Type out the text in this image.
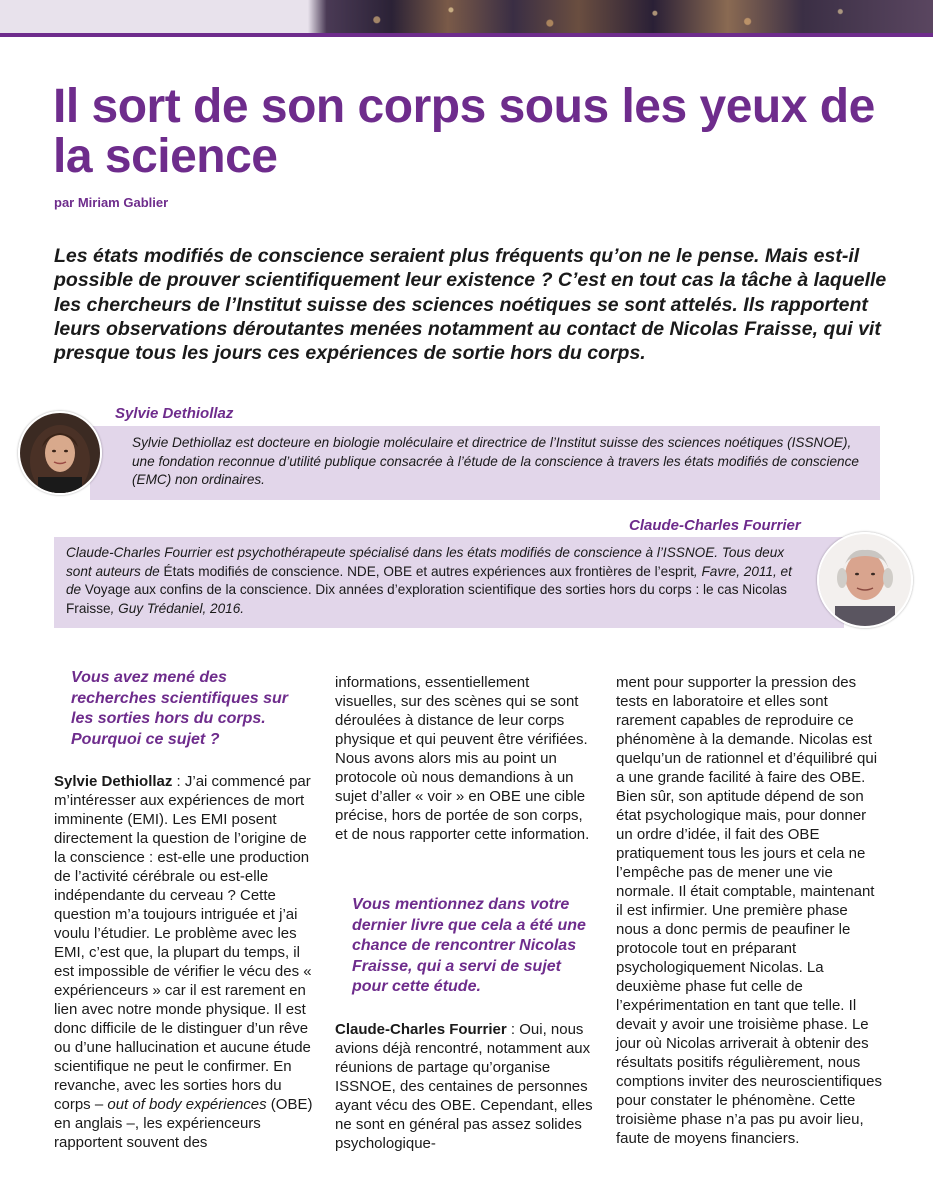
Il sort de son corps sous les yeux de la science
par Miriam Gablier

Les états modifiés de conscience seraient plus fréquents qu’on ne le pense. Mais est-il possible de prouver scientifiquement leur existence ? C’est en tout cas la tâche à laquelle les chercheurs de l’Institut suisse des sciences noétiques se sont attelés. Ils rapportent leurs observations déroutantes menées notamment au contact de Nicolas Fraisse, qui vit presque tous les jours ces expériences de sortie hors du corps.

Sylvie Dethiollaz
Sylvie Dethiollaz est docteure en biologie moléculaire et directrice de l’Institut suisse des sciences noétiques (ISSNOE), une fondation reconnue d’utilité publique consacrée à l’étude de la conscience à travers les états modifiés de conscience (EMC) non ordinaires.
Claude-Charles Fourrier
Claude-Charles Fourrier est psychothérapeute spécialisé dans les états modifiés de conscience à l’ISSNOE. Tous deux sont auteurs de États modifiés de conscience. NDE, OBE et autres expériences aux frontières de l’esprit, Favre, 2011, et de Voyage aux confins de la conscience. Dix années d’exploration scientifique des sorties hors du corps : le cas Nicolas Fraisse, Guy Trédaniel, 2016.

Vous avez mené des recherches scientifiques sur les sorties hors du corps. Pourquoi ce sujet ?

Sylvie Dethiollaz : J’ai commencé par m’intéresser aux expériences de mort imminente (EMI). Les EMI posent directement la question de l’origine de la conscience : est-elle une production de l’activité cérébrale ou est-elle indépendante du cerveau ? Cette question m’a toujours intriguée et j’ai voulu l’étudier. Le problème avec les EMI, c’est que, la plupart du temps, il est impossible de vérifier le vécu des « expérienceurs » car il est rarement en lien avec notre monde physique. Il est donc difficile de le distinguer d’un rêve ou d’une hallucination et aucune étude scientifique ne peut le confirmer. En revanche, avec les sorties hors du corps – out of body expériences (OBE) en anglais –, les expérienceurs rapportent souvent des

informations, essentiellement visuelles, sur des scènes qui se sont déroulées à distance de leur corps physique et qui peuvent être vérifiées. Nous avons alors mis au point un protocole où nous demandions à un sujet d’aller « voir » en OBE une cible précise, hors de portée de son corps, et de nous rapporter cette information.

Vous mentionnez dans votre dernier livre que cela a été une chance de rencontrer Nicolas Fraisse, qui a servi de sujet pour cette étude.

Claude-Charles Fourrier : Oui, nous avions déjà rencontré, notamment aux réunions de partage qu’organise ISSNOE, des centaines de personnes ayant vécu des OBE. Cependant, elles ne sont en général pas assez solides psychologique-

ment pour supporter la pression des tests en laboratoire et elles sont rarement capables de reproduire ce phénomène à la demande. Nicolas est quelqu’un de rationnel et d’équilibré qui a une grande facilité à faire des OBE. Bien sûr, son aptitude dépend de son état psychologique mais, pour donner un ordre d’idée, il fait des OBE pratiquement tous les jours et cela ne l’empêche pas de mener une vie normale. Il était comptable, maintenant il est infirmier. Une première phase nous a donc permis de peaufiner le protocole tout en préparant psychologiquement Nicolas. La deuxième phase fut celle de l’expérimentation en tant que telle. Il devait y avoir une troisième phase. Le jour où Nicolas arriverait à obtenir des résultats positifs régulièrement, nous comptions inviter des neuroscientifiques pour constater le phénomène. Cette troisième phase n’a pas pu avoir lieu, faute de moyens financiers.
